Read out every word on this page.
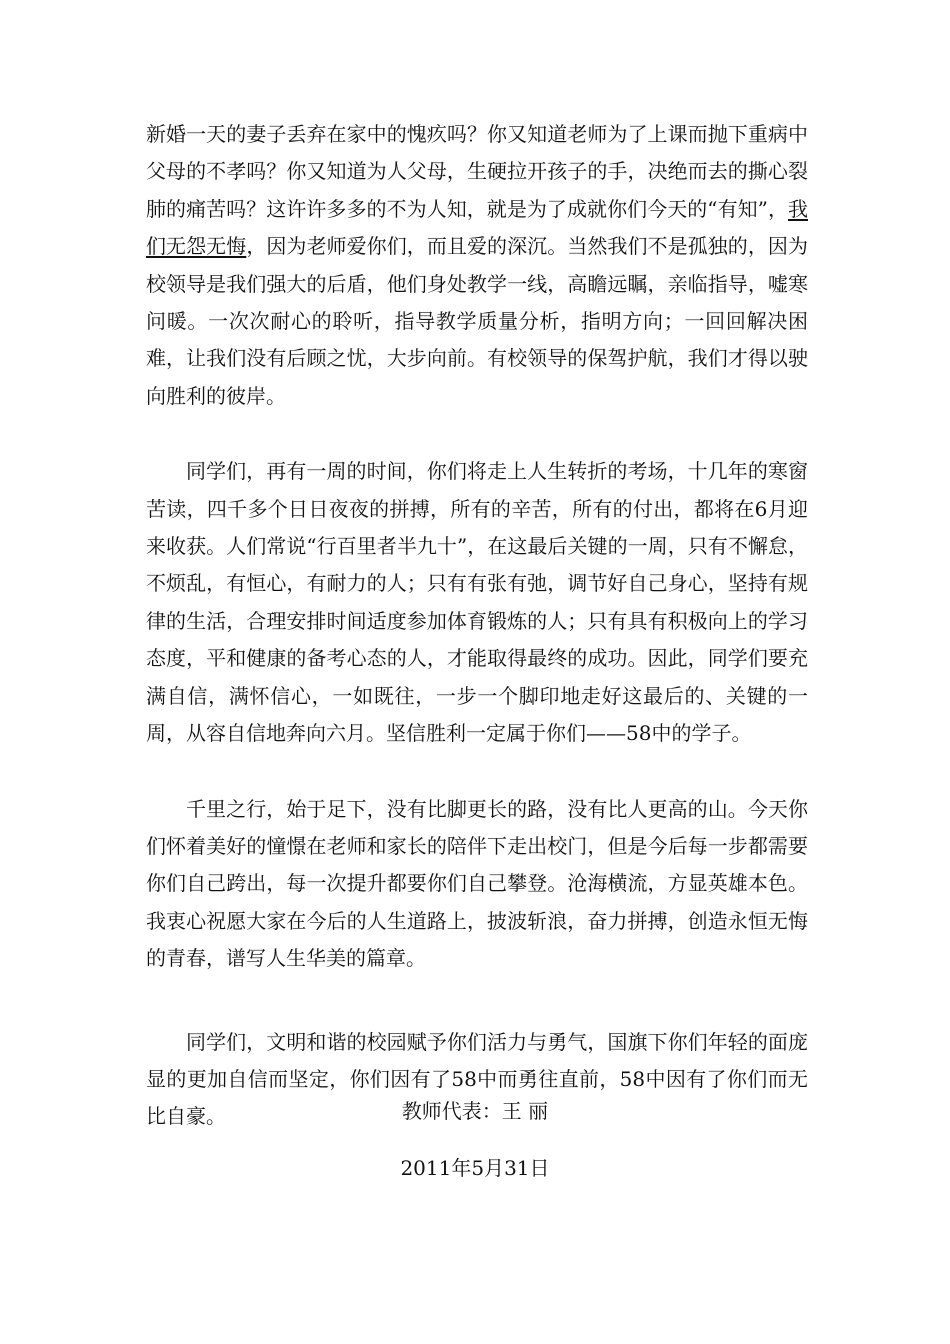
新婚一天的妻子丢弃在家中的愧疚吗？你又知道老师为了上课而抛下重病中父母的不孝吗？你又知道为人父母，生硬拉开孩子的手，决绝而去的撕心裂肺的痛苦吗？这许许多多的不为人知，就是为了成就你们今天的“有知”，我们无怨无悔，因为老师爱你们，而且爱的深沉。当然我们不是孤独的，因为校领导是我们强大的后盾，他们身处教学一线，高瞻远瞩，亲临指导，嘘寒问暖。一次次耐心的聆听，指导教学质量分析，指明方向；一回回解决困难，让我们没有后顾之忧，大步向前。有校领导的保驾护航，我们才得以驶向胜利的彼岸。

同学们，再有一周的时间，你们将走上人生转折的考场，十几年的寒窗苦读，四千多个日日夜夜的拼搏，所有的辛苦，所有的付出，都将在6月迎来收获。人们常说“行百里者半九十”，在这最后关键的一周，只有不懈怠，不烦乱，有恒心，有耐力的人；只有有张有弛，调节好自己身心，坚持有规律的生活，合理安排时间适度参加体育锻炼的人；只有具有积极向上的学习态度，平和健康的备考心态的人，才能取得最终的成功。因此，同学们要充满自信，满怀信心，一如既往，一步一个脚印地走好这最后的、关键的一周，从容自信地奔向六月。坚信胜利一定属于你们——58中的学子。

千里之行，始于足下，没有比脚更长的路，没有比人更高的山。今天你们怀着美好的憧憬在老师和家长的陪伴下走出校门，但是今后每一步都需要你们自己跨出，每一次提升都要你们自己攀登。沧海横流，方显英雄本色。我衷心祝愿大家在今后的人生道路上，披波斩浪，奋力拼搏，创造永恒无悔的青春，谱写人生华美的篇章。

同学们，文明和谐的校园赋予你们活力与勇气，国旗下你们年轻的面庞显的更加自信而坚定，你们因有了58中而勇往直前，58中因有了你们而无比自豪。	教师代表：王 丽
2011年5月31日
